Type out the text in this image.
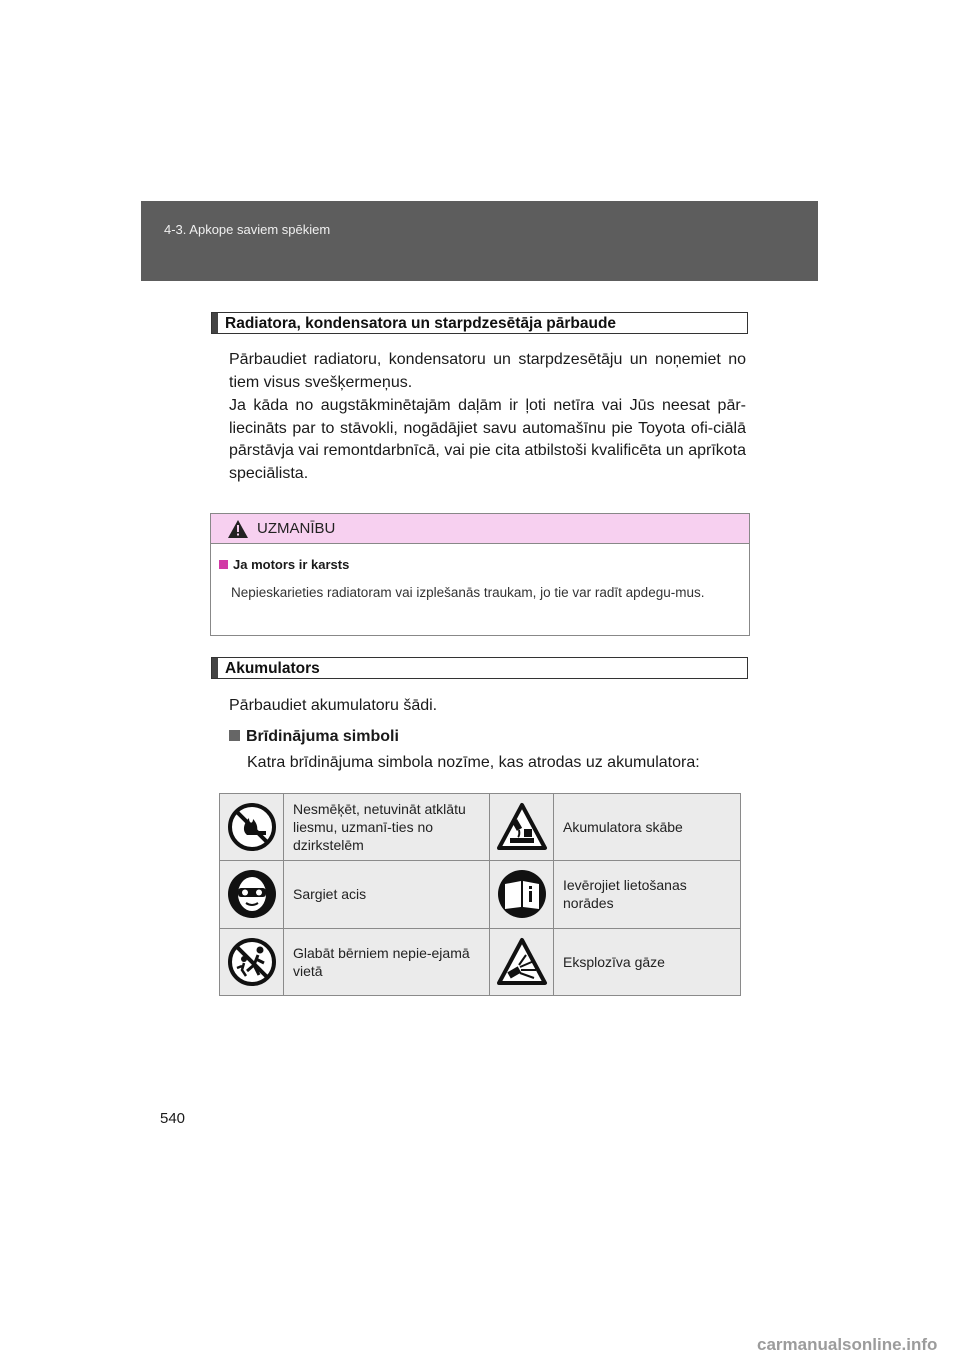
4-3. Apkope saviem spēkiem
Radiatora, kondensatora un starpdzesētāja pārbaude

Pārbaudiet radiatoru, kondensatoru un starpdzesētāju un noņemiet no tiem visus svešķermeņus.

Ja kāda no augstākminētajām daļām ir ļoti netīra vai Jūs neesat pār-liecināts par to stāvokli, nogādājiet savu automašīnu pie Toyota ofi-ciālā pārstāvja vai remontdarbnīcā, vai pie cita atbilstoši kvalificēta un aprīkota speciālista.

UZMANĪBU
Ja motors ir karsts

Nepieskarieties radiatoram vai izplešanās traukam, jo tie var radīt apdegu-mus.

Akumulators

Pārbaudiet akumulatoru šādi.

Brīdinājuma simboli

Katra brīdinājuma simbola nozīme, kas atrodas uz akumulatora:

	Nesmēķēt, netuvināt atklātu liesmu, uzmanī-ties no dzirkstelēm		Akumulatora skābe

	Sargiet acis		Ievērojiet lietošanas norādes

	Glabāt bērniem nepie-ejamā vietā		Eksplozīva gāze
540
carmanualsonline.info
